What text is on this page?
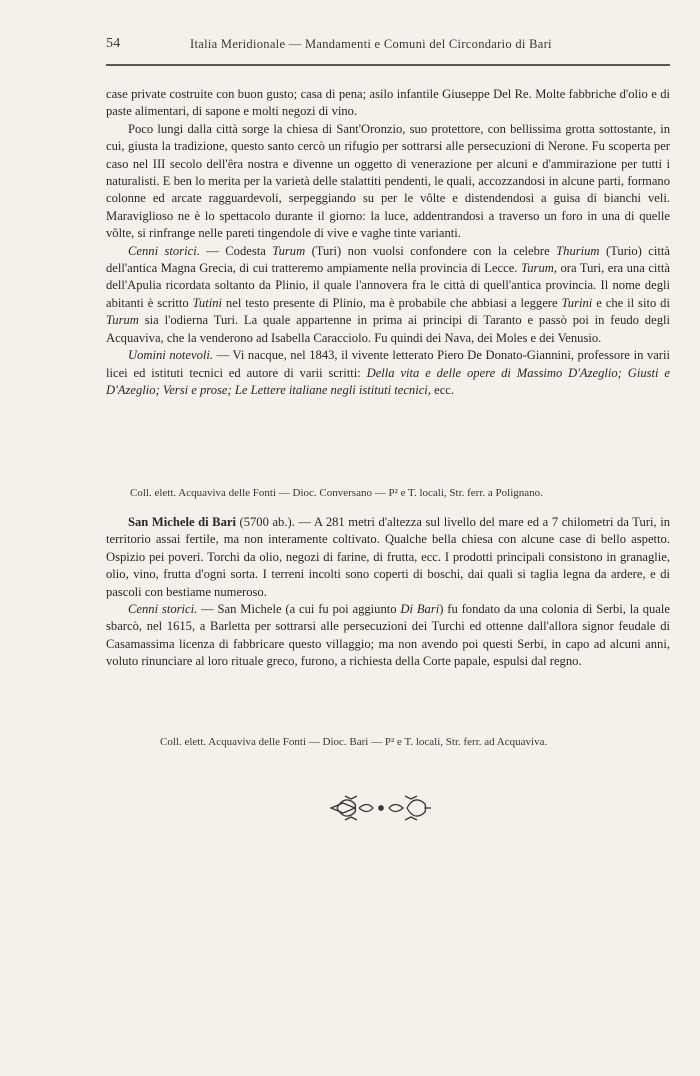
54	Italia Meridionale — Mandamenti e Comuni del Circondario di Bari

case private costruite con buon gusto; casa di pena; asilo infantile Giuseppe Del Re. Molte fabbriche d'olio e di paste alimentari, di sapone e molti negozi di vino.

Poco lungi dalla città sorge la chiesa di Sant'Oronzio, suo protettore, con bellissima grotta sottostante, in cui, giusta la tradizione, questo santo cercò un rifugio per sottrarsi alle persecuzioni di Nerone. Fu scoperta per caso nel III secolo dell'êra nostra e divenne un oggetto di venerazione per alcuni e d'ammirazione per tutti i naturalisti. E ben lo merita per la varietà delle stalattiti pendenti, le quali, accozzandosi in alcune parti, formano colonne ed arcate ragguardevoli, serpeggiando su per le vôlte e distendendosi a guisa di bianchi veli. Maraviglioso ne è lo spettacolo durante il giorno: la luce, addentrandosi a traverso un foro in una di quelle vôlte, si rinfrange nelle pareti tingendole di vive e vaghe tinte varianti.

Cenni storici. — Codesta Turum (Turi) non vuolsi confondere con la celebre Thurium (Turio) città dell'antica Magna Grecia, di cui tratteremo ampiamente nella provincia di Lecce. Turum, ora Turi, era una città dell'Apulia ricordata soltanto da Plinio, il quale l'annovera fra le città di quell'antica provincia. Il nome degli abitanti è scritto Tutini nel testo presente di Plinio, ma è probabile che abbiasi a leggere Turini e che il sito di Turum sia l'odierna Turi. La quale appartenne in prima ai principi di Taranto e passò poi in feudo degli Acquaviva, che la venderono ad Isabella Caracciolo. Fu quindi dei Nava, dei Moles e dei Venusio.

Uomini notevoli. — Vi nacque, nel 1843, il vivente letterato Piero De Donato-Giannini, professore in varii licei ed istituti tecnici ed autore di varii scritti: Della vita e delle opere di Massimo D'Azeglio; Giusti e D'Azeglio; Versi e prose; Le Lettere italiane negli istituti tecnici, ecc.

Coll. elett. Acquaviva delle Fonti — Dioc. Conversano — P² e T. locali, Str. ferr. a Polignano.

San Michele di Bari (5700 ab.). — A 281 metri d'altezza sul livello del mare ed a 7 chilometri da Turi, in territorio assai fertile, ma non interamente coltivato. Qualche bella chiesa con alcune case di bello aspetto. Ospizio pei poveri. Torchi da olio, negozi di farine, di frutta, ecc. I prodotti principali consistono in granaglie, olio, vino, frutta d'ogni sorta. I terreni incolti sono coperti di boschi, dai quali si taglia legna da ardere, e di pascoli con bestiame numeroso.

Cenni storici. — San Michele (a cui fu poi aggiunto Di Bari) fu fondato da una colonia di Serbi, la quale sbarcò, nel 1615, a Barletta per sottrarsi alle persecuzioni dei Turchi ed ottenne dall'allora signor feudale di Casamassima licenza di fabbricare questo villaggio; ma non avendo poi questi Serbi, in capo ad alcuni anni, voluto rinunciare al loro rituale greco, furono, a richiesta della Corte papale, espulsi dal regno.

Coll. elett. Acquaviva delle Fonti — Dioc. Bari — P² e T. locali, Str. ferr. ad Acquaviva.
